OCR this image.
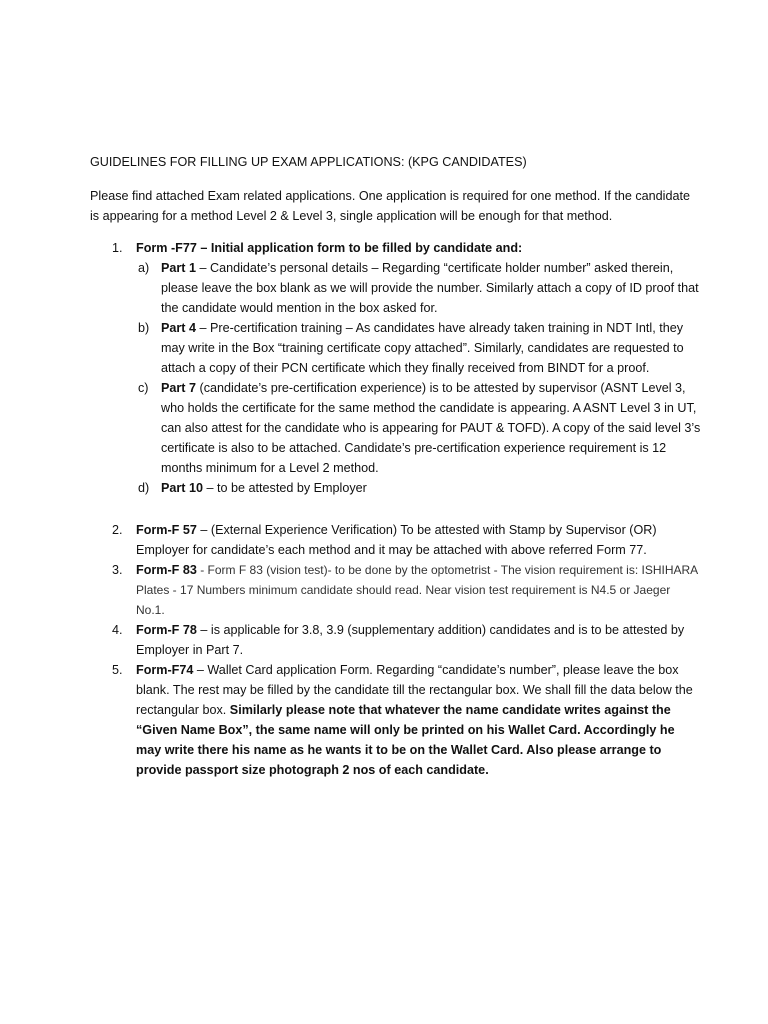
GUIDELINES FOR FILLING UP EXAM APPLICATIONS: (KPG CANDIDATES)
Please find attached Exam related applications. One application is required for one method. If the candidate is appearing for a method Level 2 & Level 3, single application will be enough for that method.
1. Form -F77 – Initial application form to be filled by candidate and:
a) Part 1 – Candidate’s personal details – Regarding “certificate holder number” asked therein, please leave the box blank as we will provide the number. Similarly attach a copy of ID proof that the candidate would mention in the box asked for.
b) Part 4 – Pre-certification training – As candidates have already taken training in NDT Intl, they may write in the Box “training certificate copy attached”. Similarly, candidates are requested to attach a copy of their PCN certificate which they finally received from BINDT for a proof.
c) Part 7 (candidate’s pre-certification experience) is to be attested by supervisor (ASNT Level 3, who holds the certificate for the same method the candidate is appearing. A ASNT Level 3 in UT, can also attest for the candidate who is appearing for PAUT & TOFD). A copy of the said level 3’s certificate is also to be attached. Candidate’s pre-certification experience requirement is 12 months minimum for a Level 2 method.
d) Part 10 – to be attested by Employer
2. Form-F 57 – (External Experience Verification) To be attested with Stamp by Supervisor (OR) Employer for candidate’s each method and it may be attached with above referred Form 77.
3. Form-F 83 - Form F 83 (vision test)- to be done by the optometrist - The vision requirement is: ISHIHARA Plates - 17 Numbers minimum candidate should read. Near vision test requirement is N4.5 or Jaeger No.1.
4. Form-F 78 – is applicable for 3.8, 3.9 (supplementary addition) candidates and is to be attested by Employer in Part 7.
5. Form-F74 – Wallet Card application Form. Regarding “candidate’s number”, please leave the box blank. The rest may be filled by the candidate till the rectangular box. We shall fill the data below the rectangular box. Similarly please note that whatever the name candidate writes against the “Given Name Box”, the same name will only be printed on his Wallet Card. Accordingly he may write there his name as he wants it to be on the Wallet Card. Also please arrange to provide passport size photograph 2 nos of each candidate.
